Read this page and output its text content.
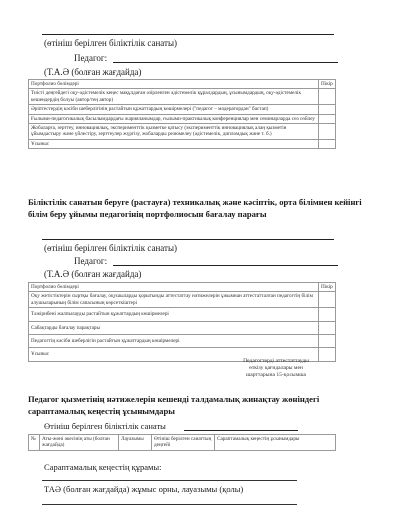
(өтініш берілген біліктілік санаты)
Педагог:
(Т.А.Ә (болған жағдайда)
Портфолио бөлімдері	Пікір
Тиісті деңгейдегі оқу-әдістемелік кеңес мақұлдаған әзірленген әдістемелік құралдардың, ұсынымдардың, оқу-әдістемелік кешендердің болуы (автор/тең автор)	
Әріптестердің кәсіби шеберлігінің растайтын құжаттардың көшірмелері ("педагог – модератордан" бастап)	
Ғылыми-педагогикалық басылымдардағы жарияланымдар, ғылыми-практикалық конференциялар мен семинарларда сөз сөйлеу	
Жобаларға, зерттеу, инновациялық, эксперименттік қызметке қатысу (эксперименттік инновациялық алаң қызметін ұйымдастыру және үйлестіру, зерттеулер жүргізу, жобаларды резюмелеу (әдістемелік, дипломдық және т. б.)	
Ұсыныс	
Біліктілік санатын беруге (растауға) техникалық және кәсіптік, орта білімнен кейінгі білім беру ұйымы педагогінің портфолиосын бағалау парағы
(өтініш берілген біліктілік санаты)
Педагог:
(Т.А.Ә (болған жағдайда)
Портфолио бөлімдері	Пікір
Оқу жетістіктерін сыртқы бағалау, оқушыларды қорытынды аттестаттау нәтижелерін ұжымнан аттестатталған педагогтің білім алушыларының білім сапасының көрсеткіштері	
Тәжірибені жалпылауды растайтын құжаттардың көшірмелері	
Сабақтарды бағалау парақтары	
Педагогтің кәсіби шеберлігін растайтын құжаттардың көшірмелері	
Ұсыныс	
Педагогтерді аттестаттауды өткізу қағидалары мен шарттарына 15-қосымша
Педагог қызметінің нәтижелерін кешенді талдамалық жинақтау жөніндегі сараптамалық кеңестің ұсынымдары
Өтініш берілген біліктілік санаты
№	Аты-жөні әкесінің аты (болған жағдайда)	Лауазымы	Өтініш берілген санаттың деңгейі	Сараптамалық кеңестің ұсынымдары
Сараптамалық кеңестің құрамы:
ТАӘ (болған жағдайда) жұмыс орны, лауазымы (қолы)
